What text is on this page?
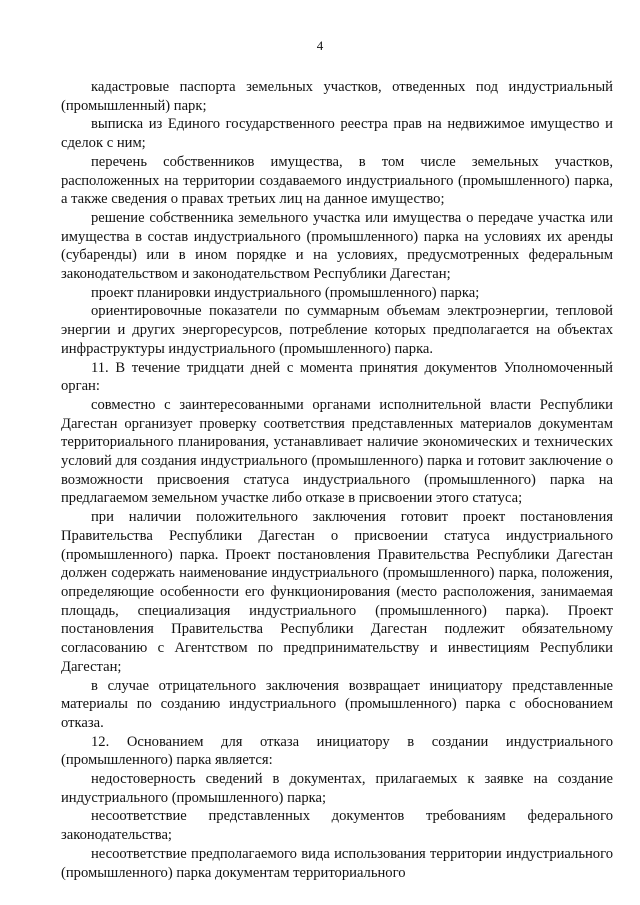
4

кадастровые паспорта земельных участков, отведенных под индустриальный (промышленный) парк;

выписка из Единого государственного реестра прав на недвижимое имущество и сделок с ним;

перечень собственников имущества, в том числе земельных участков, расположенных на территории создаваемого индустриального (промышленного) парка, а также сведения о правах третьих лиц на данное имущество;

решение собственника земельного участка или имущества о передаче участка или имущества в состав индустриального (промышленного) парка на условиях их аренды (субаренды) или в ином порядке и на условиях, предусмотренных федеральным законодательством и законодательством Республики Дагестан;

проект планировки индустриального (промышленного) парка;

ориентировочные показатели по суммарным объемам электроэнергии, тепловой энергии и других энергоресурсов, потребление которых предполагается на объектах инфраструктуры индустриального (промышленного) парка.

11. В течение тридцати дней с момента принятия документов Уполномоченный орган:

совместно с заинтересованными органами исполнительной власти Республики Дагестан организует проверку соответствия представленных материалов документам территориального планирования, устанавливает наличие экономических и технических условий для создания индустриального (промышленного) парка и готовит заключение о возможности присвоения статуса индустриального (промышленного) парка на предлагаемом земельном участке либо отказе в присвоении этого статуса;

при наличии положительного заключения готовит проект постановления Правительства Республики Дагестан о присвоении статуса индустриального (промышленного) парка. Проект постановления Правительства Республики Дагестан должен содержать наименование индустриального (промышленного) парка, положения, определяющие особенности его функционирования (место расположения, занимаемая площадь, специализация индустриального (промышленного) парка). Проект постановления Правительства Республики Дагестан подлежит обязательному согласованию с Агентством по предпринимательству и инвестициям Республики Дагестан;

в случае отрицательного заключения возвращает инициатору представленные материалы по созданию индустриального (промышленного) парка с обоснованием отказа.

12. Основанием для отказа инициатору в создании индустриального (промышленного) парка является:

недостоверность сведений в документах, прилагаемых к заявке на создание индустриального (промышленного) парка;

несоответствие представленных документов требованиям федерального законодательства;

несоответствие предполагаемого вида использования территории индустриального (промышленного) парка документам территориального
